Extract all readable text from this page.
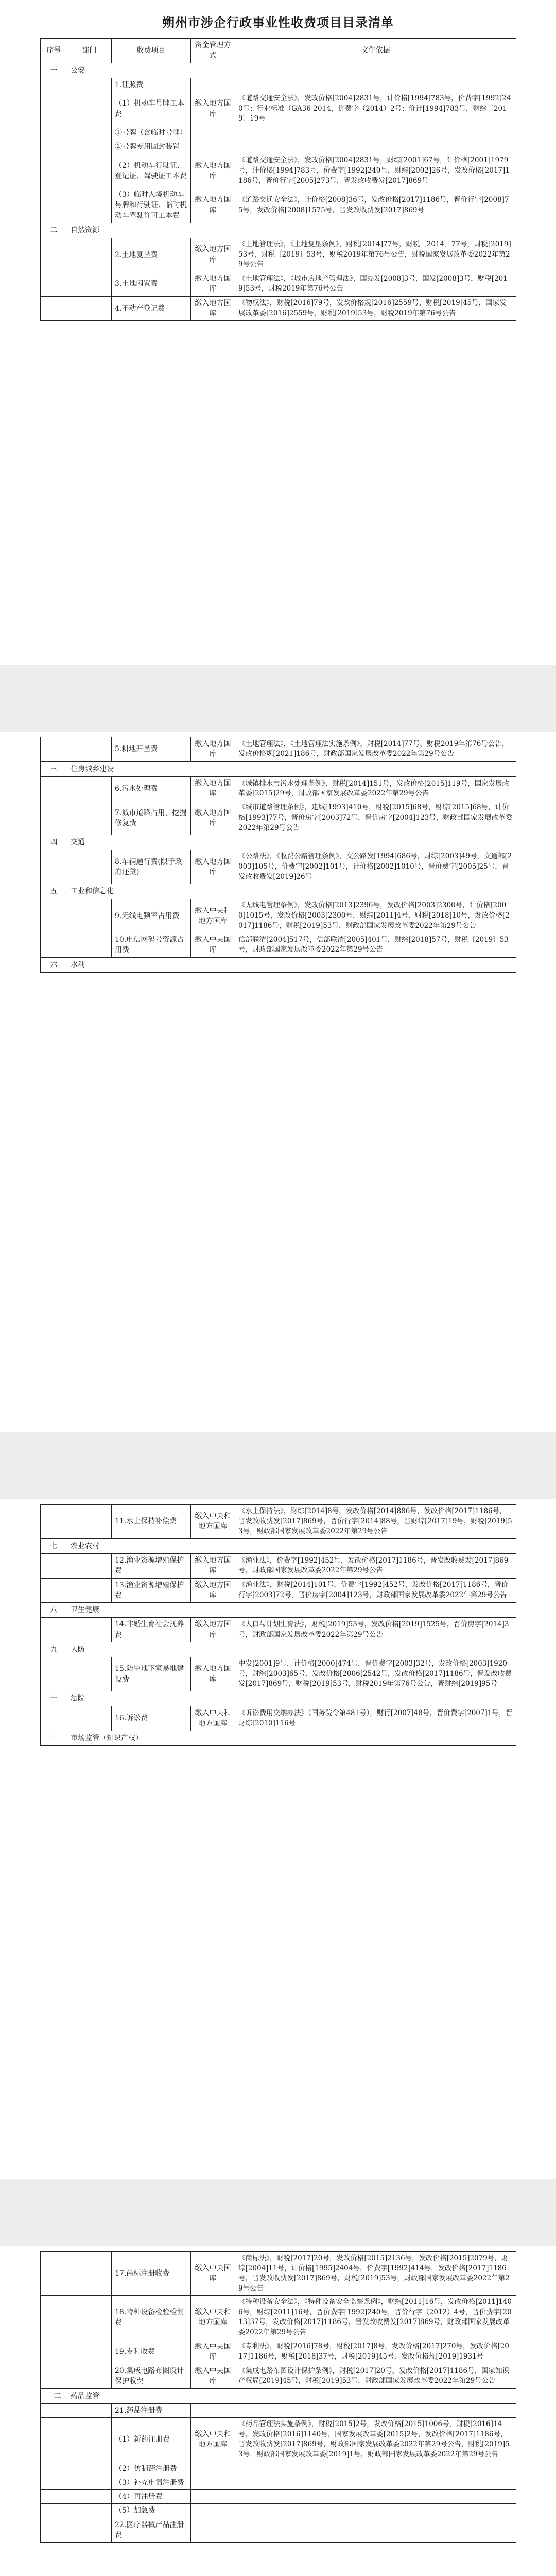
朔州市涉企行政事业性收费项目目录清单
序号	部门	收费项目	资金管理方式	文件依据
一	公安			
		1.证照费		
		（1）机动车号牌工本费	缴入地方国库	《道路交通安全法》，发改价格[2004]2831号，计价格[1994]783号，价费字[1992]240号；行业标准（GA36-2014，价费字（2014）2号；价计[1994]783号，财综〔2019〕19号
		①号牌（含临时号牌）		
		②号牌专用固封装置		
		（2）机动车行驶证、登记证、驾驶证工本费	缴入地方国库	《道路交通安全法》，发改价格[2004]2831号，财综[2001]67号，计价格[2001]1979号，计价格[1994]783号，价费字[1992]240号，财综[2002]26号，发改价格[2017]1186号，晋价行字[2005]273号，晋发改收费发[2017]869号
		（3）临时入境机动车号牌和行驶证、临时机动车驾驶许可工本费	缴入地方国库	《道路交通安全法》，计价格[2008]36号，发改价格[2017]1186号，晋价行字[2008]75号，发改价格[2008]1575号，晋发改收费发[2017]869号
二	自然资源			
		2.土地复垦费	缴入地方国库	《土地管理法》，《土地复垦条例》，财税[2014]77号，财税〔2014〕77号，财税[2019]53号，财税〔2019〕53号，财税2019年第76号公告，财税国家发展改革委2022年第29号公告
		3.土地闲置费	缴入地方国库	《土地管理法》，《城市房地产管理法》，国办发[2008]3号，国发[2008]3号，财税[2019]53号，财税2019年第76号公告
		4.不动产登记费	缴入地方国库	《物权法》，财税[2016]79号，发改价格规[2016]2559号，财税[2019]45号，国家发展改革委[2016]2559号，财税[2019]53号，财税2019年第76号公告
		5.耕地开垦费	缴入地方国库	《土地管理法》，《土地管理法实施条例》，财税[2014]77号，财税2019年第76号公告，发改价格规[2021]186号，财政部国家发展改革委2022年第29号公告
三	住房城乡建设			
		6.污水处理费	缴入地方国库	《城镇排水与污水处理条例》，财税[2014]151号，发改价格[2015]119号，国家发展改革委[2015]29号，财政部国家发展改革委2022年第29号公告
		7.城市道路占用、挖掘修复费	缴入地方国库	《城市道路管理条例》，建城[1993]410号，财税[2015]68号，财综[2015]68号，计价格[1993]77号，晋价房字[2003]72号，晋价房字[2004]123号，财政部国家发展改革委2022年第29号公告
四	交通			
		8.车辆通行费(限于政府还贷)	缴入地方国库	《公路法》，《收费公路管理条例》，交公路发[1994]686号，财综[2003]49号，交通部[2003]105号，价费字[2002]101号，计价格[2002]1010号，晋价费字[2005]25号，晋发改收费发[2019]26号
五	工业和信息化			
		9.无线电频率占用费	缴入中央和地方国库	《无线电管理条例》，发改价格[2013]2396号，发改价格[2003]2300号，计价格[2000]1015号，发改价格[2003]2300号，财综[2011]4号，财税[2018]10号，发改价格[2017]1186号，财税[2019]53号，财政部国家发展改革委2022年第29号公告
		10.电信网码号资源占用费	缴入中央国库	信部联清[2004]517号，信部联清[2005]401号，财综[2018]57号，财税〔2019〕53号，财政部国家发展改革委2022年第29号公告
六	水利			
		11.水土保持补偿费	缴入中央和地方国库	《水土保持法》，财综[2014]8号，发改价格[2014]886号，发改价格[2017]1186号，晋发改收费发[2017]869号，晋价行字[2014]88号，晋财综[2017]19号，财税[2019]53号，财政部国家发展改革委2022年第29号公告
七	农业农村			
		12.渔业资源增殖保护费	缴入地方国库	《渔业法》，价费字[1992]452号，发改价格[2017]1186号，晋发改收费发[2017]869号，财政部国家发展改革委2022年第29号公告
		13.渔业资源增殖保护费	缴入地方国库	《渔业法》，财税[2014]101号，价费字[1992]452号，发改价格[2017]1186号，晋价行字[2003]72号，晋价房字[2004]123号，财政部国家发展改革委2022年第29号公告
八	卫生健康			
		14.非婚生育社会抚养费	缴入地方国库	《人口与计划生育法》，财税[2019]53号，发改价格[2019]1525号，晋价房字[2014]3号，财政部国家发展改革委2022年第29号公告
九	人防			
		15.防空地下室易地建设费	缴入地方国库	中发[2001]9号，计价格[2000]474号，晋价费字[2003]32号，发改价格[2003]1920号，财综[2003]65号，发改价格[2006]2542号，发改价格[2017]1186号，晋发改收费发[2017]869号，财税[2019]53号，财税2019年第76号公告，晋财综[2019]95号
十	法院			
		16.诉讼费	缴入中央和地方国库	《诉讼费用交纳办法》（国务院令第481号），财行[2007]48号，晋价费字[2007]1号，晋财综[2010]116号
十一	市场监管（知识产权）			
		17.商标注册收费	缴入中央国库	《商标法》，财税[2017]20号，发改价格[2015]2136号，发改价格[2015]2079号，财综[2004]11号，计价格[1995]2404号，价费字[1992]414号，发改价格[2017]1186号，晋发改收费发[2017]869号，财税[2019]53号，财政部国家发展改革委2022年第29号公告
		18.特种设备检验检测费	缴入中央和地方国库	《特种设备安全法》，《特种设备安全监察条例》，财综[2011]16号，发改价格[2011]1406号，财综[2011]16号，晋价费字[1992]240号，晋价行字（2012）4号，晋价费字[2013]37号，发改价格[2017]1186号，晋发改收费发[2017]869号，财政部国家发展改革委2022年第29号公告
		19.专利收费	缴入中央国库	《专利法》，财税[2016]78号，财税[2017]8号，发改价格[2017]270号，发改价格[2017]1186号，财税[2018]37号，财税[2019]45号，发改价格规[2019]1931号
		20.集成电路布图设计保护收费	缴入中央国库	《集成电路布图设计保护条例》，财税[2017]20号，发改价格[2017]1186号，国家知识产权局[2019]45号，财税[2019]53号，财政部国家发展改革委2022年第29号公告
十二	药品监管			
		21.药品注册费		
		（1）新药注册费	缴入中央和地方国库	《药品管理法实施条例》，财税[2015]2号，发改价格[2015]1006号，财税[2016]14号，发改价格[2016]1140号，国家发展改革委[2015]2号，发改价格[2017]1186号，晋发改收费发[2017]869号，财政部国家发展改革委2022年第29号公告，财税[2019]53号，财政部国家发展改革委[2019]1号，财政部国家发展改革委2022年第29号公告
		（2）仿制药注册费		
		（3）补充申请注册费		
		（4）再注册费		
		（5）加急费		
		22.医疗器械产品注册费		
